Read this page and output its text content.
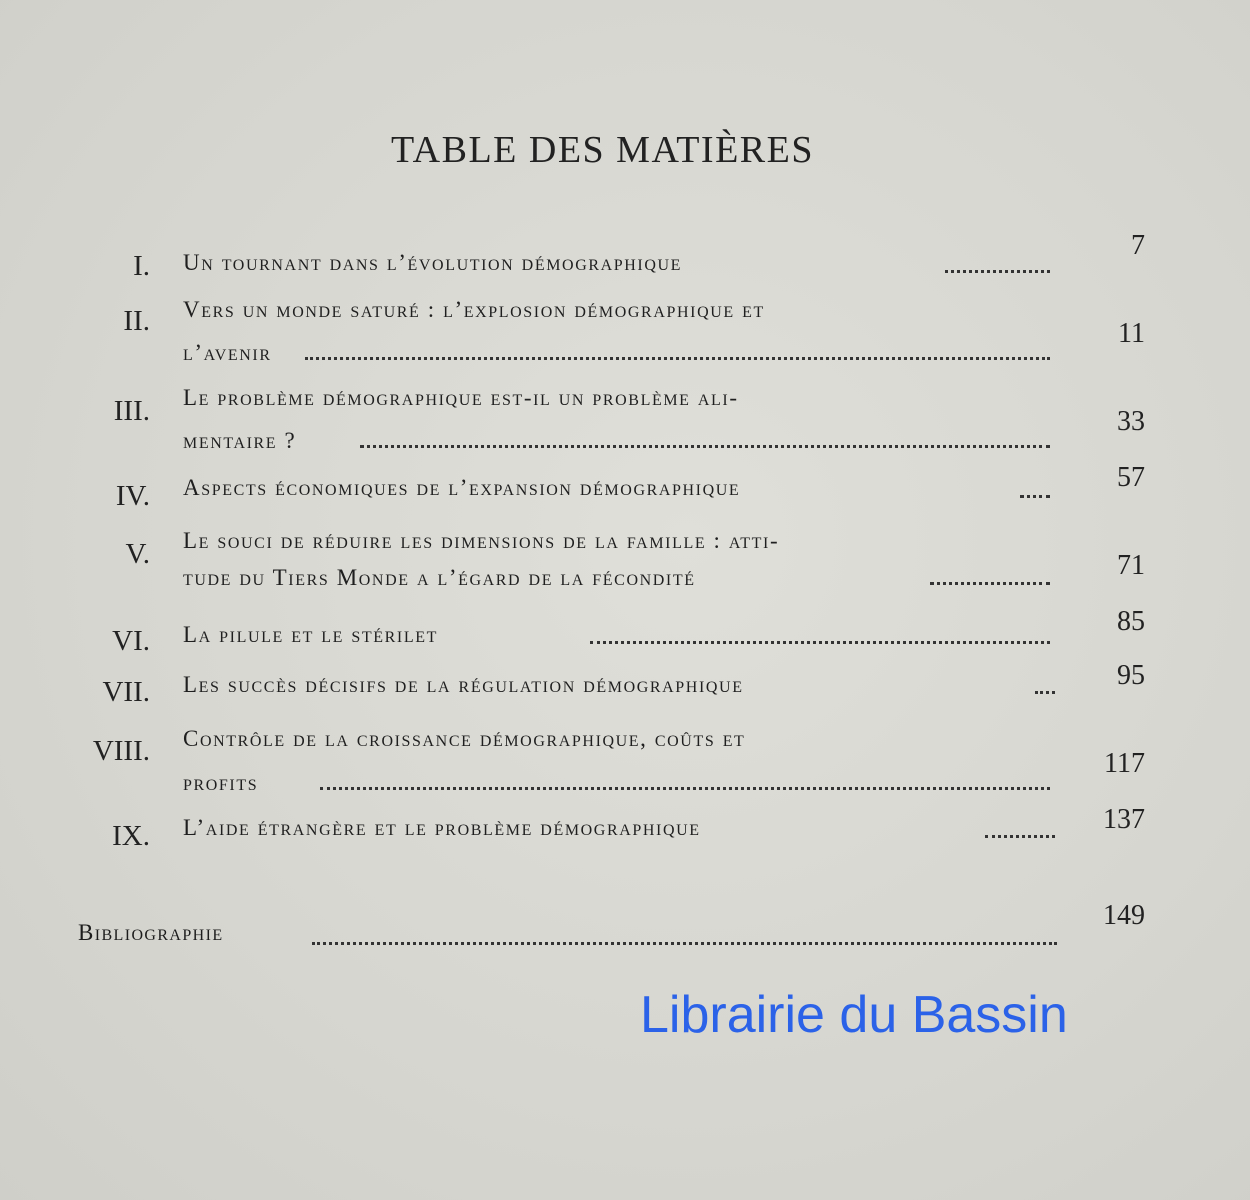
TABLE DES MATIÈRES
I. Un tournant dans l’évolution démographique
7
II. Vers un monde saturé : l’explosion démographique et
l’avenir
11
III. Le problème démographique est-il un problème ali-
mentaire ?
33
IV. Aspects économiques de l’expansion démographique	57
V. Le souci de réduire les dimensions de la famille : atti-
tude du Tiers Monde a l’égard de la fécondité	71
VI. La pilule et le stérilet	85
VII. Les succès décisifs de la régulation démographique	95
VIII. Contrôle de la croissance démographique, coûts et
profits
117
IX. L’aide étrangère et le problème démographique	137
Bibliographie
149
Librairie du Bassin
